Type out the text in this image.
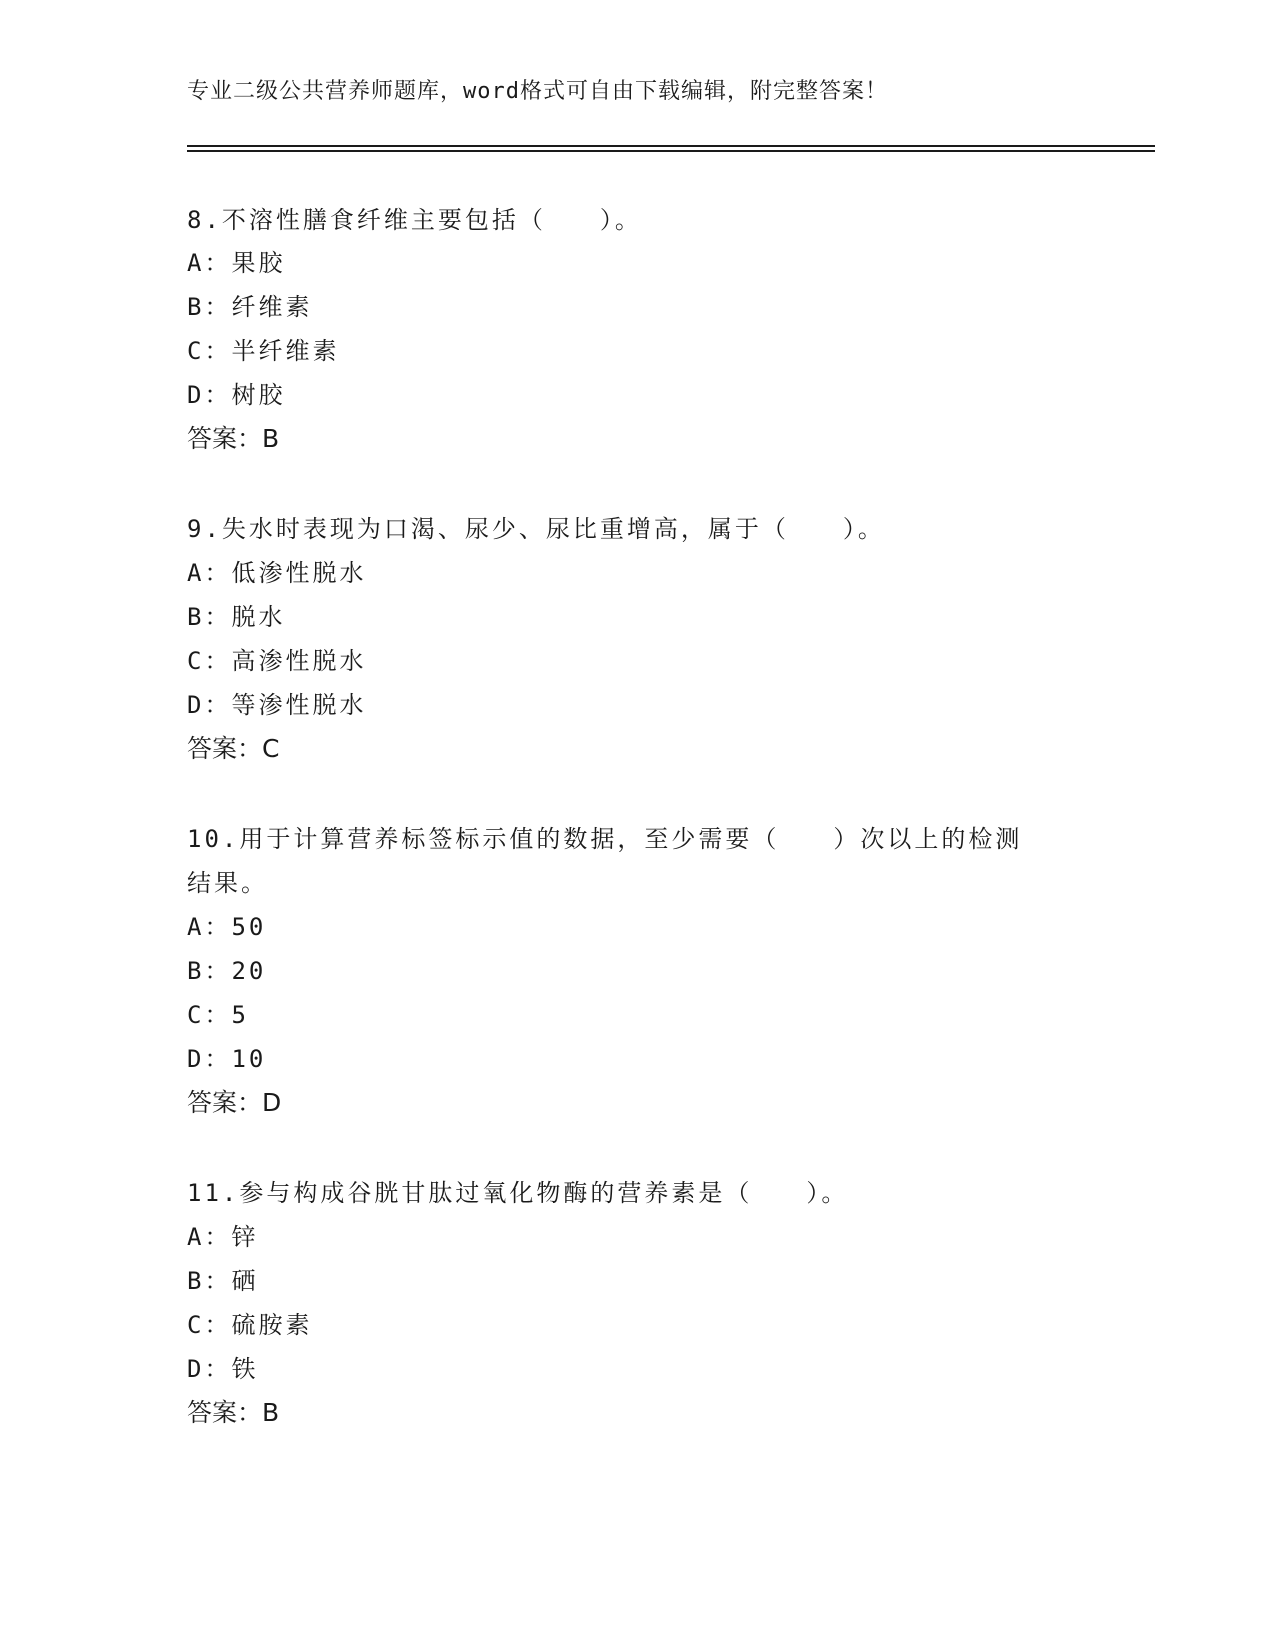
专业二级公共营养师题库，word格式可自由下载编辑，附完整答案！
8.不溶性膳食纤维主要包括（　　）。
A：果胶
B：纤维素
C：半纤维素
D：树胶
答案：B
9.失水时表现为口渴、尿少、尿比重增高，属于（　　）。
A：低渗性脱水
B：脱水
C：高渗性脱水
D：等渗性脱水
答案：C
10.用于计算营养标签标示值的数据，至少需要（　　）次以上的检测
结果。
A：50
B：20
C：5
D：10
答案：D
11.参与构成谷胱甘肽过氧化物酶的营养素是（　　）。
A：锌
B：硒
C：硫胺素
D：铁
答案：B
